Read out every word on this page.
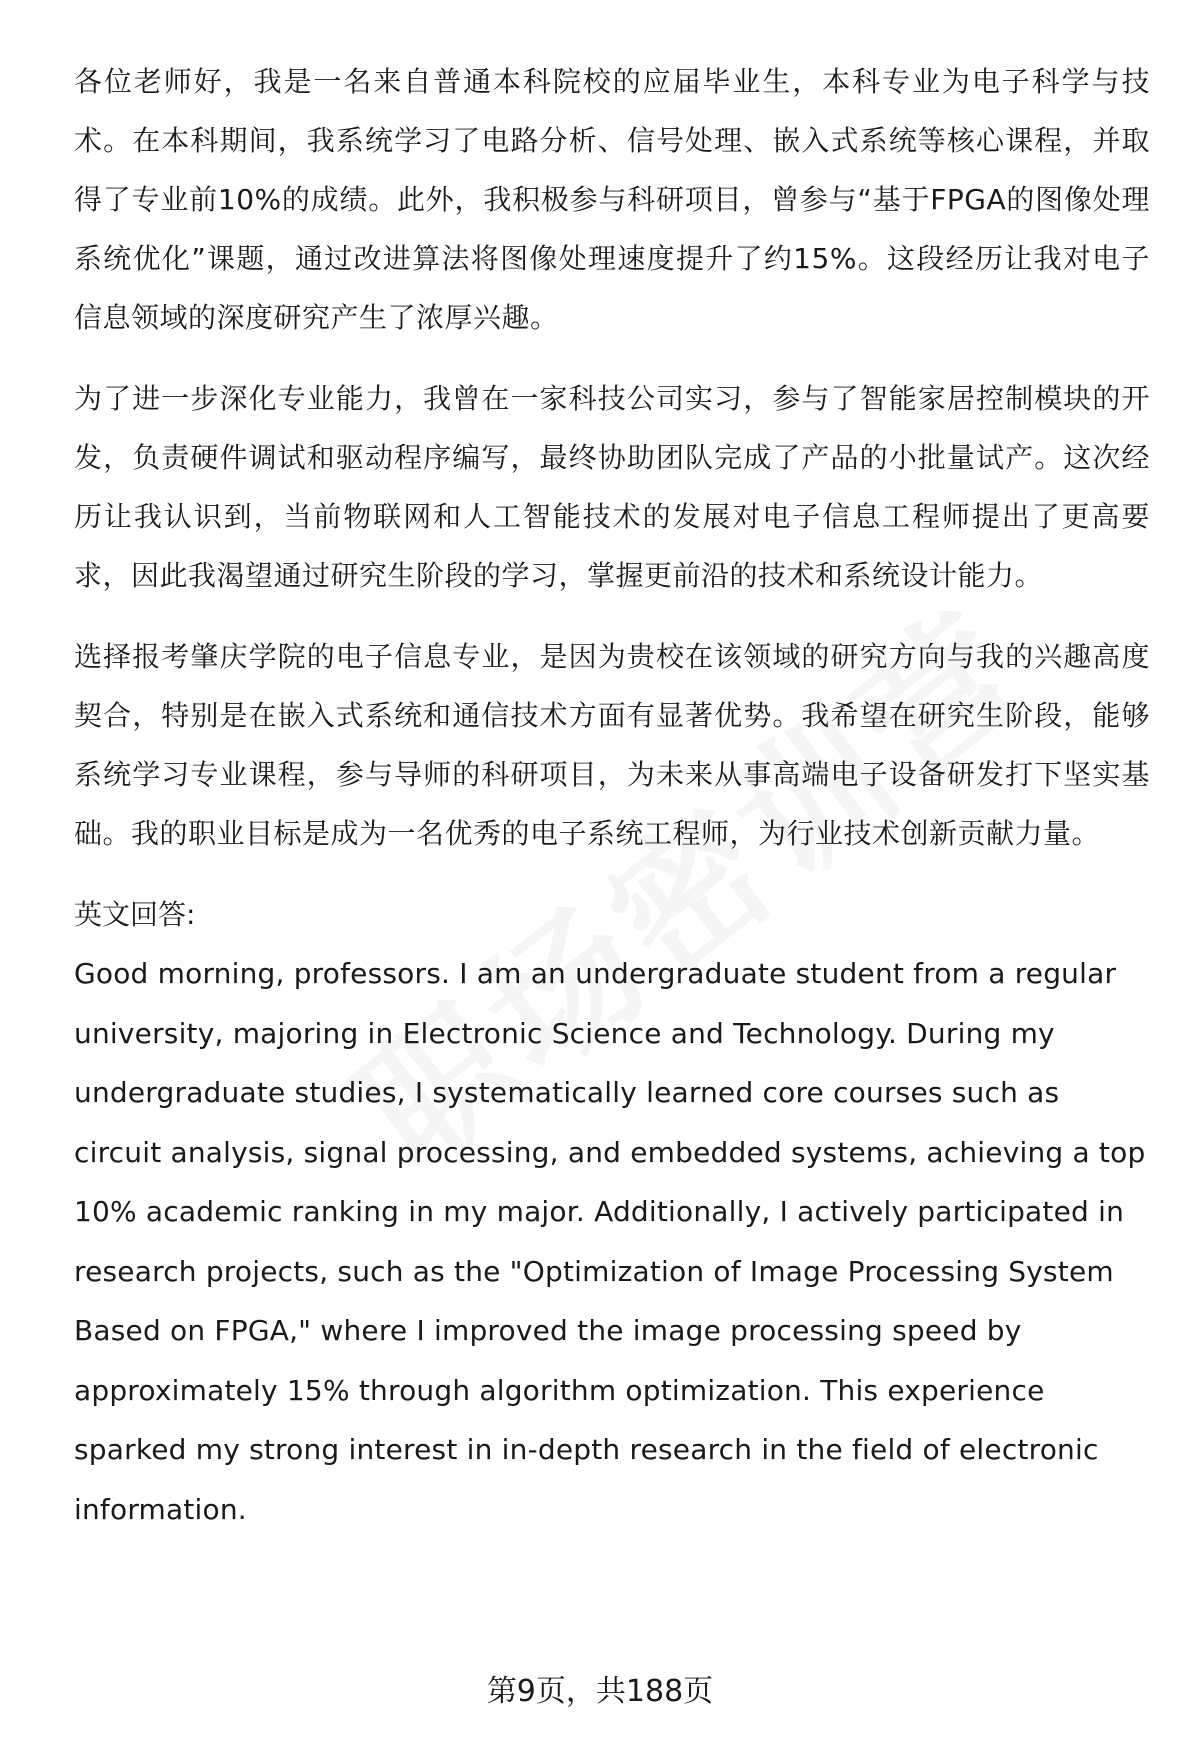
各位老师好，我是一名来自普通本科院校的应届毕业生，本科专业为电子科学与技术。在本科期间，我系统学习了电路分析、信号处理、嵌入式系统等核心课程，并取得了专业前10%的成绩。此外，我积极参与科研项目，曾参与“基于FPGA的图像处理系统优化”课题，通过改进算法将图像处理速度提升了约15%。这段经历让我对电子信息领域的深度研究产生了浓厚兴趣。

为了进一步深化专业能力，我曾在一家科技公司实习，参与了智能家居控制模块的开发，负责硬件调试和驱动程序编写，最终协助团队完成了产品的小批量试产。这次经历让我认识到，当前物联网和人工智能技术的发展对电子信息工程师提出了更高要求，因此我渴望通过研究生阶段的学习，掌握更前沿的技术和系统设计能力。

选择报考肇庆学院的电子信息专业，是因为贵校在该领域的研究方向与我的兴趣高度契合，特别是在嵌入式系统和通信技术方面有显著优势。我希望在研究生阶段，能够系统学习专业课程，参与导师的科研项目，为未来从事高端电子设备研发打下坚实基础。我的职业目标是成为一名优秀的电子系统工程师，为行业技术创新贡献力量。

英文回答:

Good morning, professors. I am an undergraduate student from a regular university, majoring in Electronic Science and Technology. During my undergraduate studies, I systematically learned core courses such as circuit analysis, signal processing, and embedded systems, achieving a top 10% academic ranking in my major. Additionally, I actively participated in research projects, such as the "Optimization of Image Processing System Based on FPGA," where I improved the image processing speed by approximately 15% through algorithm optimization. This experience sparked my strong interest in in-depth research in the field of electronic information.

第9页，共188页
